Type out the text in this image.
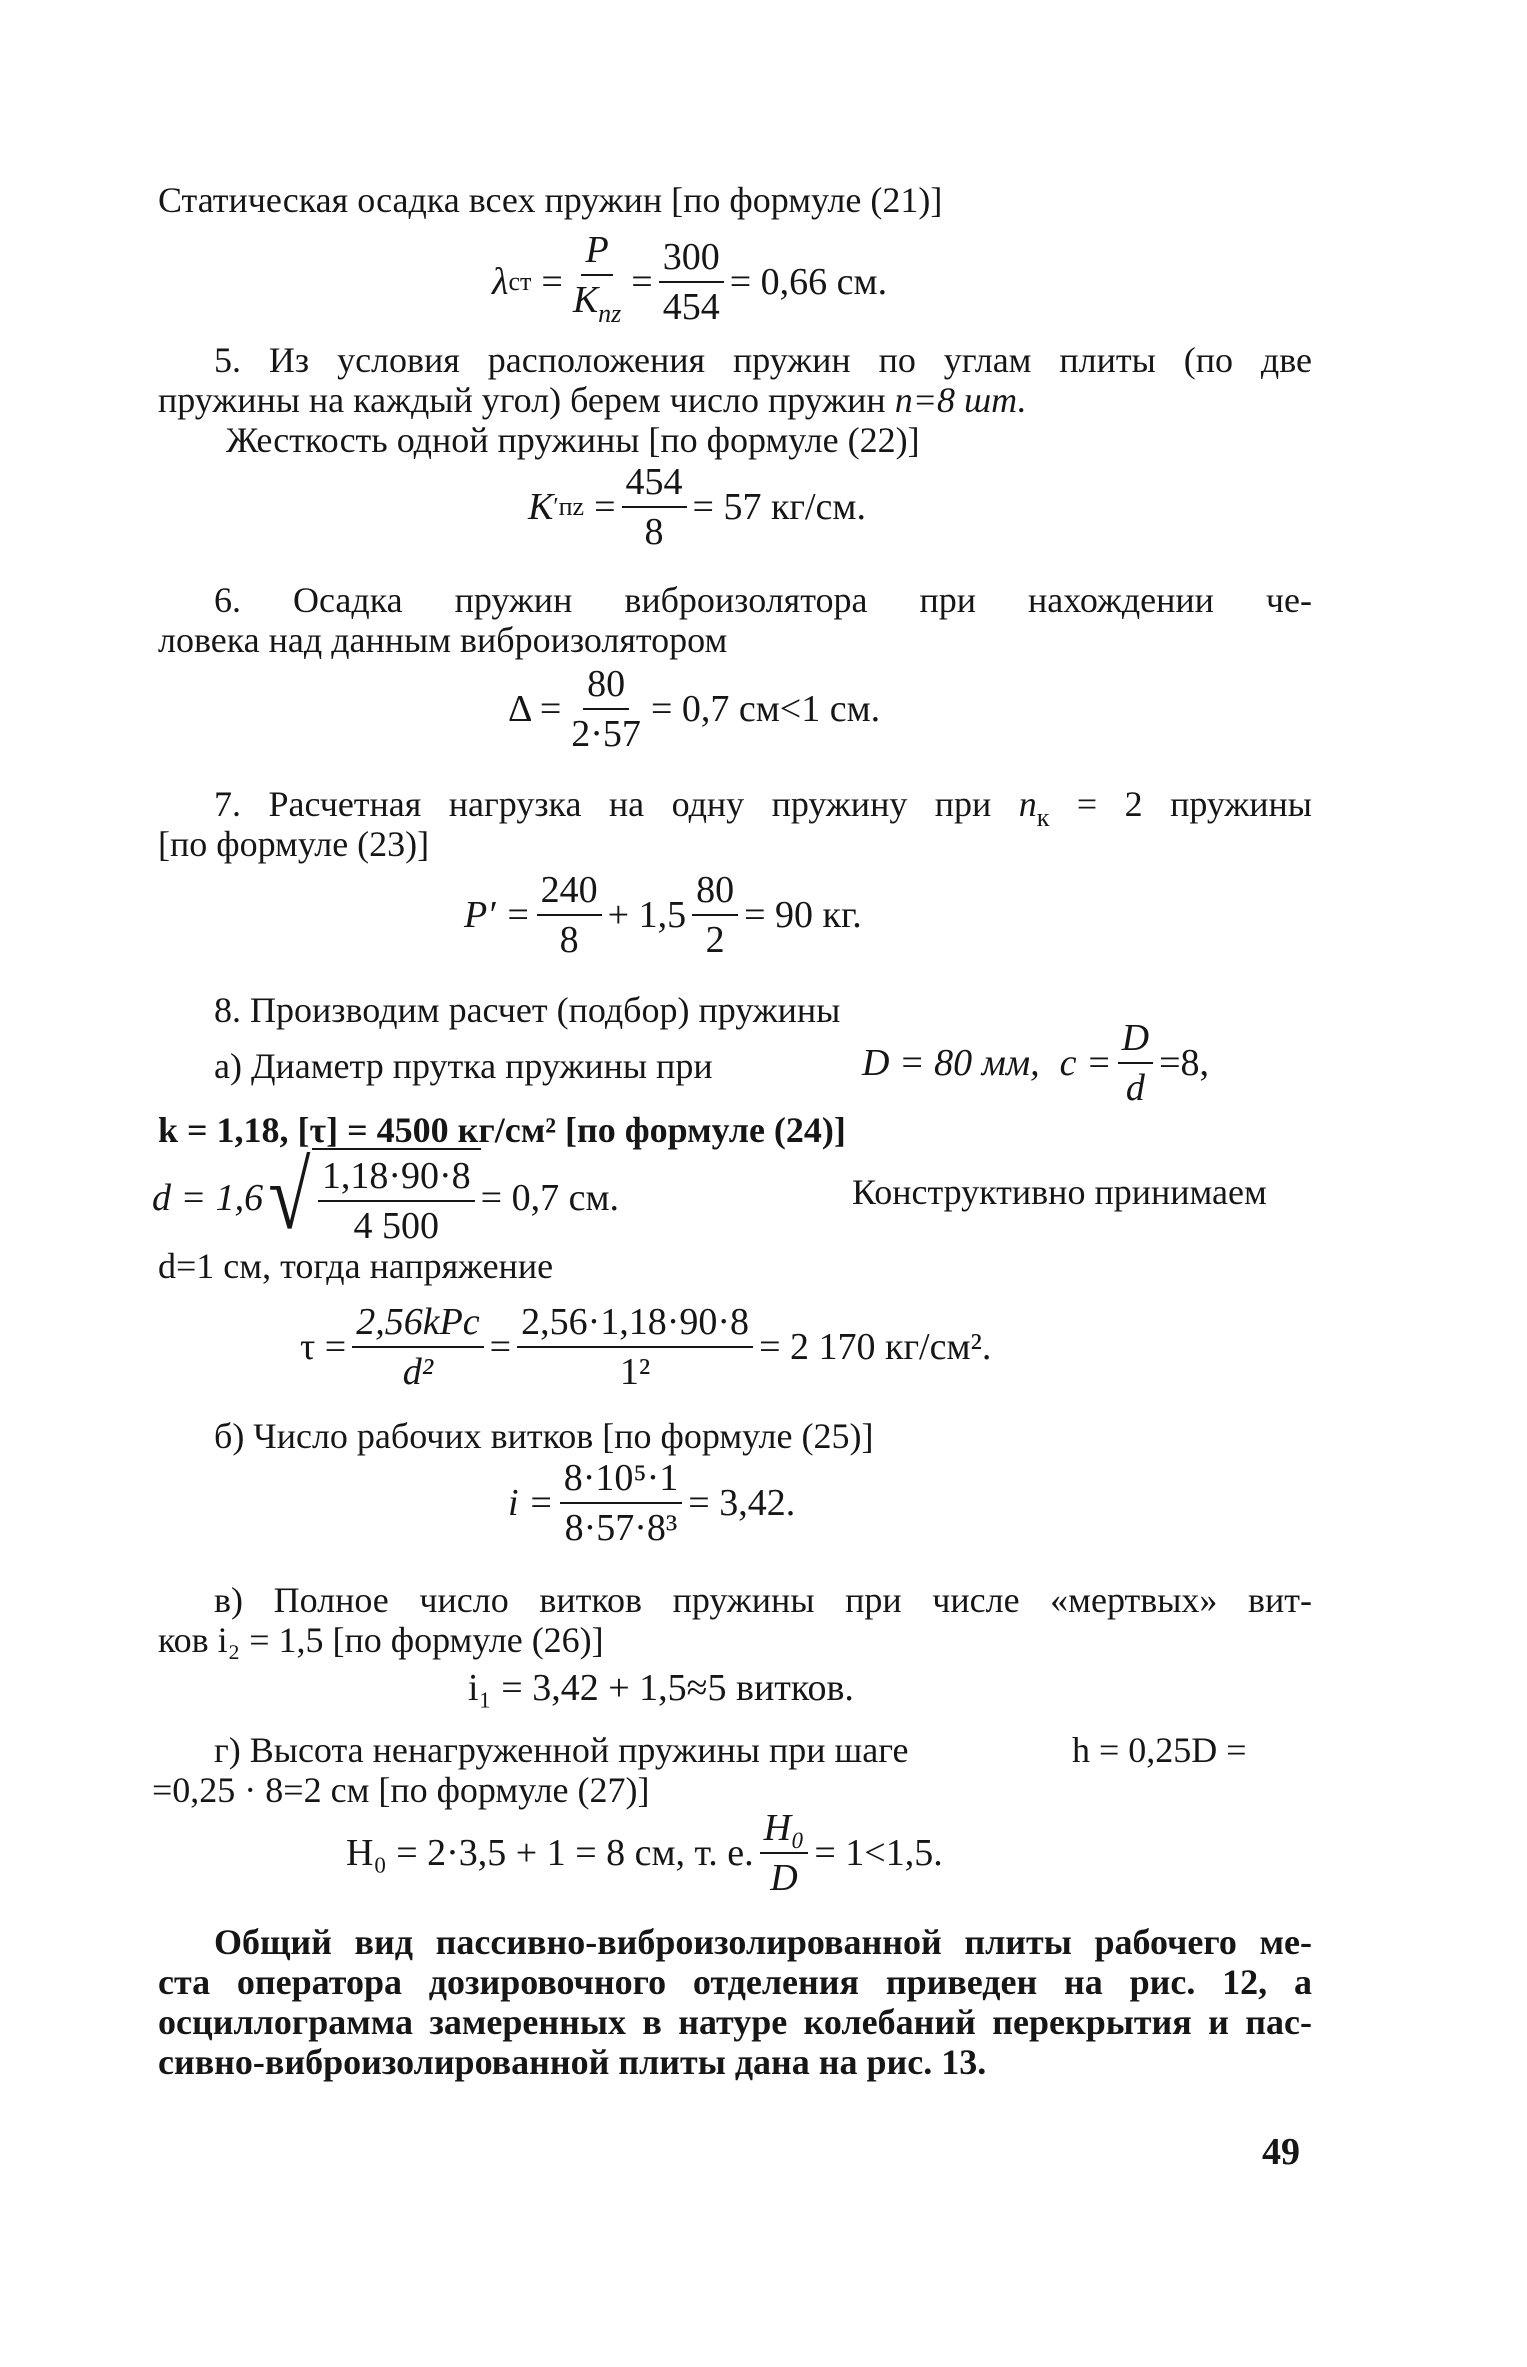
Статическая осадка всех пружин [по формуле (21)]
λ ст = $\frac{P}{K_{пz}} = \frac{300}{454} = 0,66$ см.
5. Из условия расположения пружин по углам плиты (по две
пружины на каждый угол) берем число пружин n=8 шт.
Жесткость одной пружины [по формуле (22)]
K ′ пz = $\frac{454}{8} = 57$ кг/см.
6. Осадка пружин виброизолятора при нахождении че-
ловека над данным виброизолятором
$\Delta = \frac{80}{2\cdot 57} = 0,7$ см<1 см.
7. Расчетная нагрузка на одну пружину при $n_к = 2$ пружины
[по формуле (23)]
$P' = \frac{240}{8} + 1,5 \frac{80}{2} = 90$ кг.
8. Производим расчет (подбор) пружины
а) Диаметр прутка пружины при	D = 80 мм, $c = \frac{D}{d} =8$,
k = 1,18, [τ] = 4500 кг/см² [по формуле (24)]
d = 1,6 √ $\frac{1,18\cdot 90\cdot 8}{4 500} = 0,7$ см.	Конструктивно принимаем
d=1 см, тогда напряжение
$\tau = \frac{\text{2,56kPc}}{\text{d²}} = \frac{2,56\cdot 1,18\cdot 90\cdot 8}{\text{1²}} = 2$ 170 кг/см².
б) Число рабочих витков [по формуле (25)]
$i = \frac{\text{8·10⁵·1}}{\text{8·57·8³}} = 3,42$.
в) Полное число витков пружины при числе «мертвых» вит-
ков i₂ = 1,5 [по формуле (26)]
i₁ = 3,42 + 1,5≈5 витков.
г) Высота ненагруженной пружины при шаге	h = 0,25D =
=0,25 · 8=2 см [по формуле (27)]
H₀ = 2·3,5 + 1 = 8 см, т. е. $\frac{\text{H₀}}{D} = 1<1,5$.
Общий вид пассивно-виброизолированной плиты рабочего ме-
ста оператора дозировочного отделения приведен на рис. 12, а
осциллограмма замеренных в натуре колебаний перекрытия и пас-
сивно-виброизолированной плиты дана на рис. 13.
49
